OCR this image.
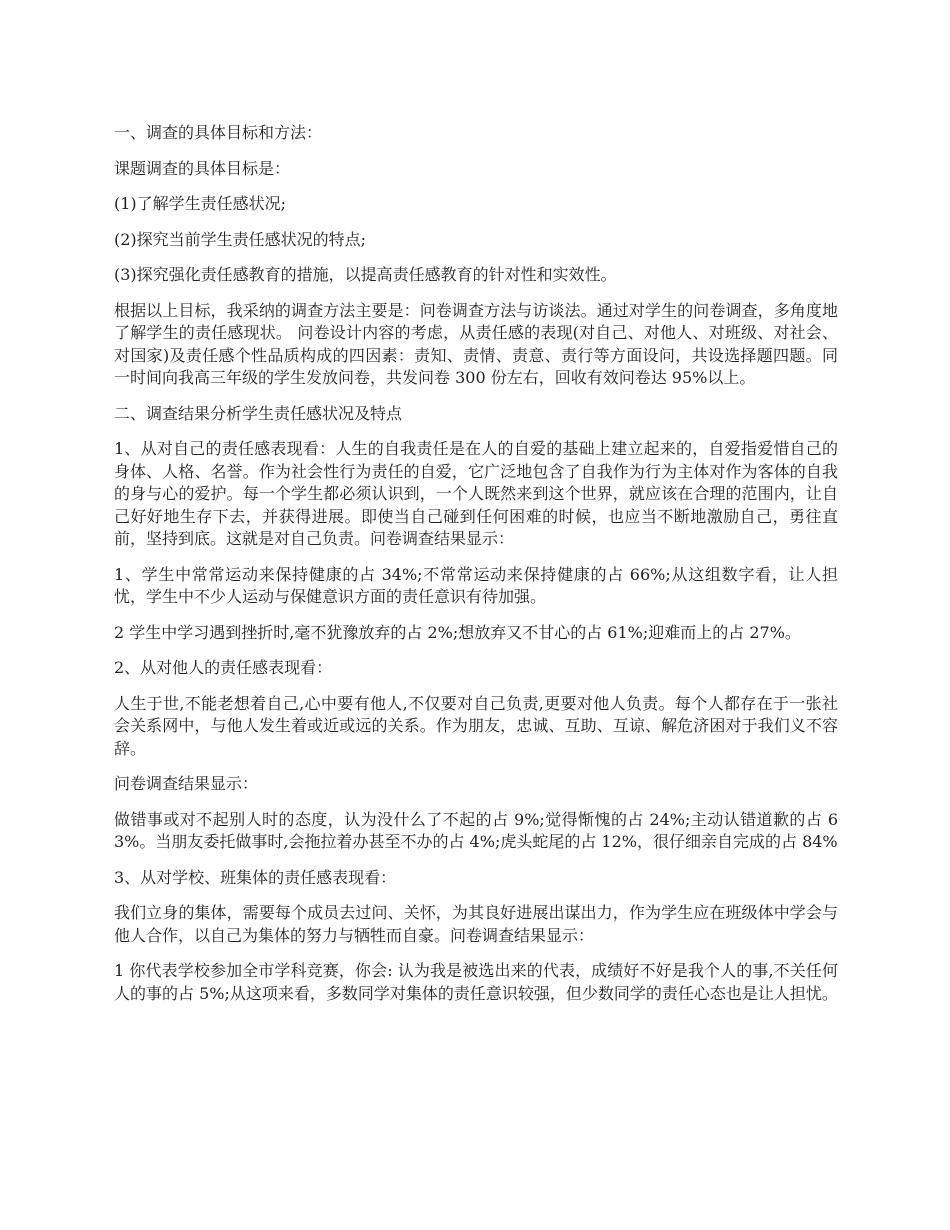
一、调查的具体目标和方法：

课题调查的具体目标是：

(1)了解学生责任感状况;

(2)探究当前学生责任感状况的特点;

(3)探究强化责任感教育的措施，以提高责任感教育的针对性和实效性。

根据以上目标，我采纳的调查方法主要是：问卷调查方法与访谈法。通过对学生的问卷调查，多角度地了解学生的责任感现状。 问卷设计内容的考虑，从责任感的表现(对自己、对他人、对班级、对社会、对国家)及责任感个性品质构成的四因素：责知、责情、责意、责行等方面设问，共设选择题四题。同一时间向我高三年级的学生发放问卷，共发问卷 300 份左右，回收有效问卷达 95%以上。

二、调查结果分析学生责任感状况及特点

1、从对自己的责任感表现看：人生的自我责任是在人的自爱的基础上建立起来的，自爱指爱惜自己的身体、人格、名誉。作为社会性行为责任的自爱，它广泛地包含了自我作为行为主体对作为客体的自我的身与心的爱护。每一个学生都必须认识到，一个人既然来到这个世界，就应该在合理的范围内，让自己好好地生存下去，并获得进展。即使当自己碰到任何困难的时候，也应当不断地激励自己，勇往直前，坚持到底。这就是对自己负责。问卷调查结果显示：

1、学生中常常运动来保持健康的占 34%;不常常运动来保持健康的占 66%;从这组数字看，让人担忧，学生中不少人运动与保健意识方面的责任意识有待加强。

2 学生中学习遇到挫折时,毫不犹豫放弃的占 2%;想放弃又不甘心的占 61%;迎难而上的占 27%。

2、从对他人的责任感表现看：

人生于世,不能老想着自己,心中要有他人,不仅要对自己负责,更要对他人负责。每个人都存在于一张社会关系网中，与他人发生着或近或远的关系。作为朋友，忠诚、互助、互谅、解危济困对于我们义不容辞。

问卷调查结果显示：

做错事或对不起别人时的态度，认为没什么了不起的占 9%;觉得惭愧的占 24%;主动认错道歉的占 63%。当朋友委托做事时,会拖拉着办甚至不办的占 4%;虎头蛇尾的占 12%，很仔细亲自完成的占 84%

3、从对学校、班集体的责任感表现看：

我们立身的集体，需要每个成员去过问、关怀，为其良好进展出谋出力，作为学生应在班级体中学会与他人合作，以自己为集体的努力与牺牲而自豪。问卷调查结果显示：

1 你代表学校参加全市学科竞赛，你会: 认为我是被选出来的代表，成绩好不好是我个人的事,不关任何人的事的占 5%;从这项来看，多数同学对集体的责任意识较强，但少数同学的责任心态也是让人担忧。
